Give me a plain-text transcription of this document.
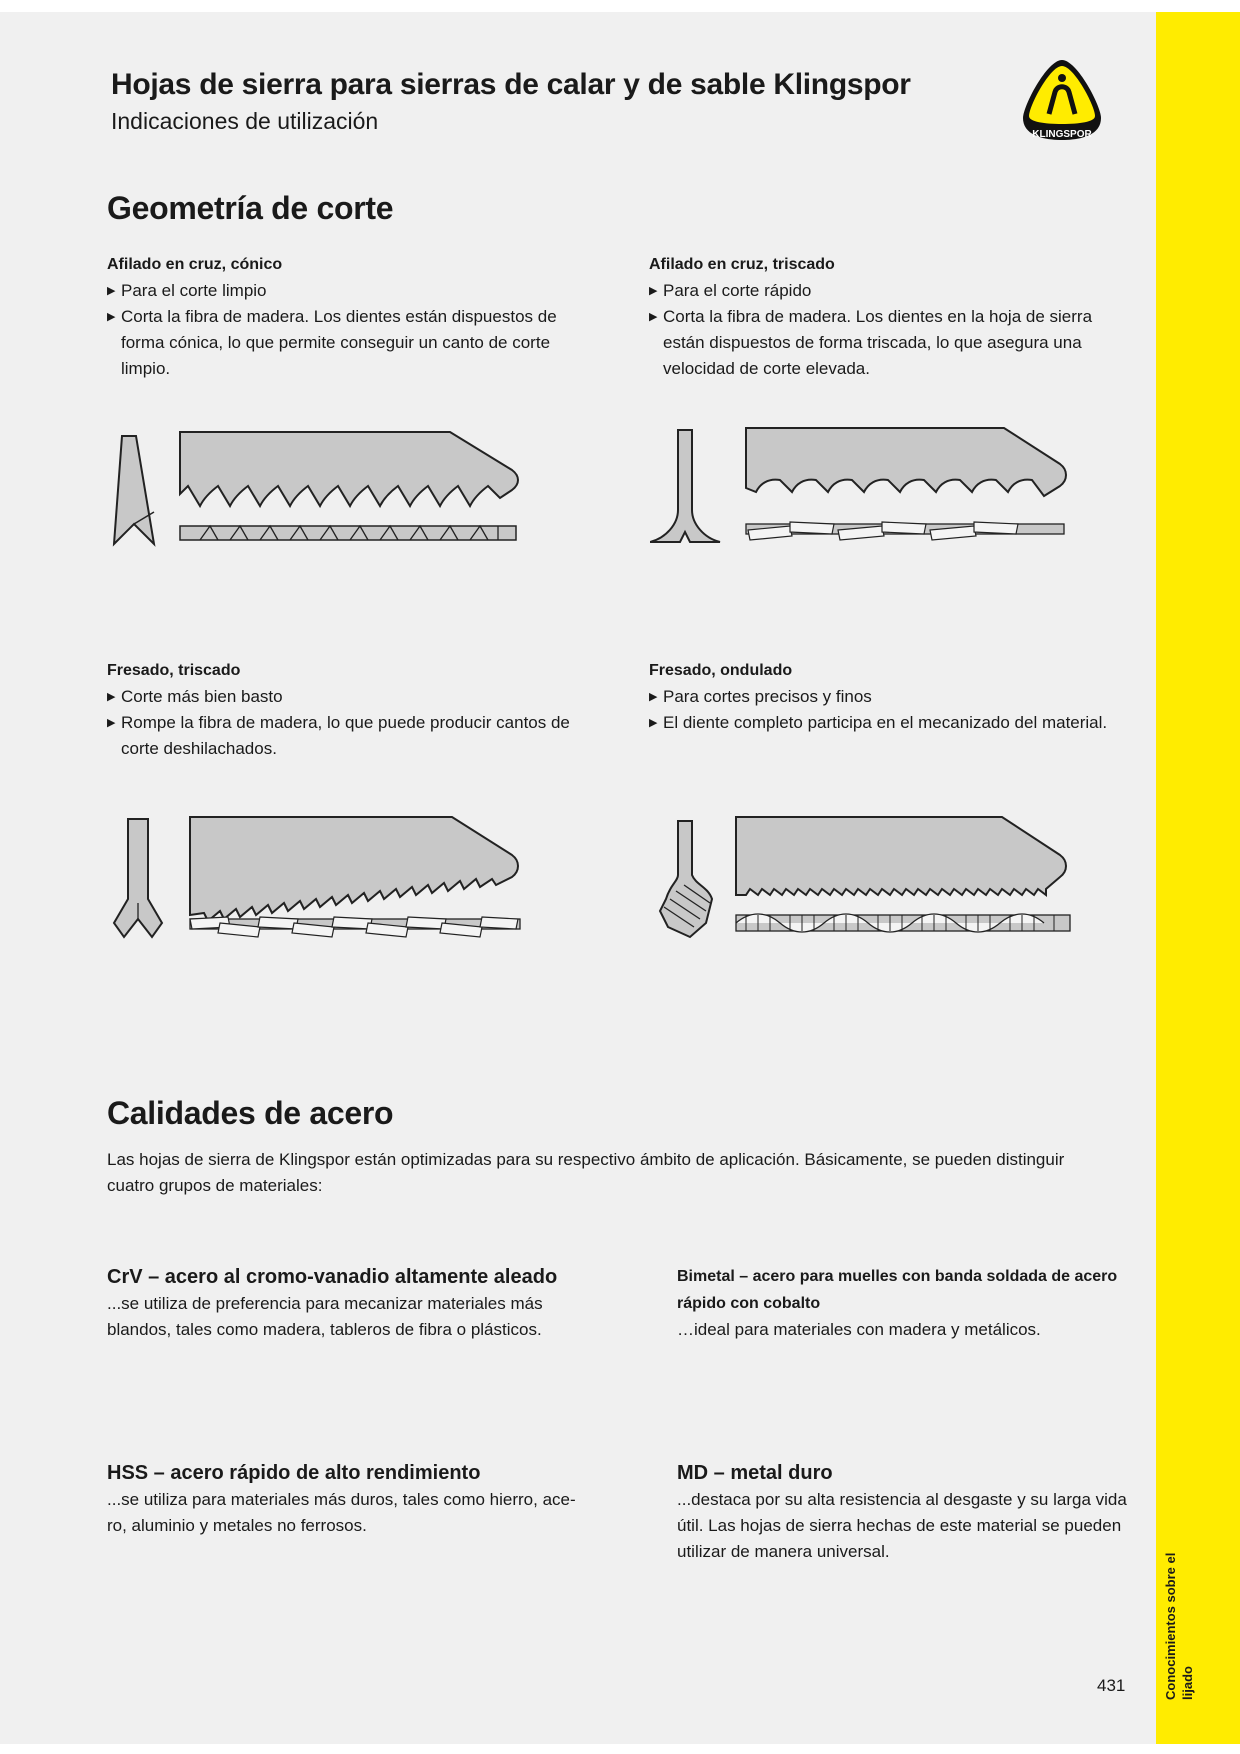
Conocimientos sobre el lijado
Hojas de sierra para sierras de calar y de sable Klingspor
Indicaciones de utilización
KLINGSPOR
Geometría de corte
Afilado en cruz, cónico
▶ Para el corte limpio
▶ Corta la fibra de madera. Los dientes están dispuestos de forma cónica, lo que permite conseguir un canto de corte limpio.
Afilado en cruz, triscado
▶ Para el corte rápido
▶ Corta la fibra de madera. Los dientes en la hoja de sierra están dispuestos de forma triscada, lo que asegura una velocidad de corte elevada.
Fresado, triscado
▶ Corte más bien basto
▶ Rompe la fibra de madera, lo que puede producir cantos de corte deshilachados.
Fresado, ondulado
▶ Para cortes precisos y finos
▶ El diente completo participa en el mecanizado del material.
Calidades de acero
Las hojas de sierra de Klingspor están optimizadas para su respectivo ámbito de aplicación. Básicamente, se pueden distinguir cuatro grupos de materiales:
CrV – acero al cromo-vanadio altamente aleado
...se utiliza de preferencia para mecanizar materiales más blandos, tales como madera, tableros de fibra o plásticos.
Bimetal – acero para muelles con banda soldada de acero rápido con cobalto
…ideal para materiales con madera y metálicos.
HSS – acero rápido de alto rendimiento
...se utiliza para materiales más duros, tales como hierro, ace-ro, aluminio y metales no ferrosos.
MD – metal duro
...destaca por su alta resistencia al desgaste y su larga vida útil. Las hojas de sierra hechas de este material se pueden utilizar de manera universal.
431
